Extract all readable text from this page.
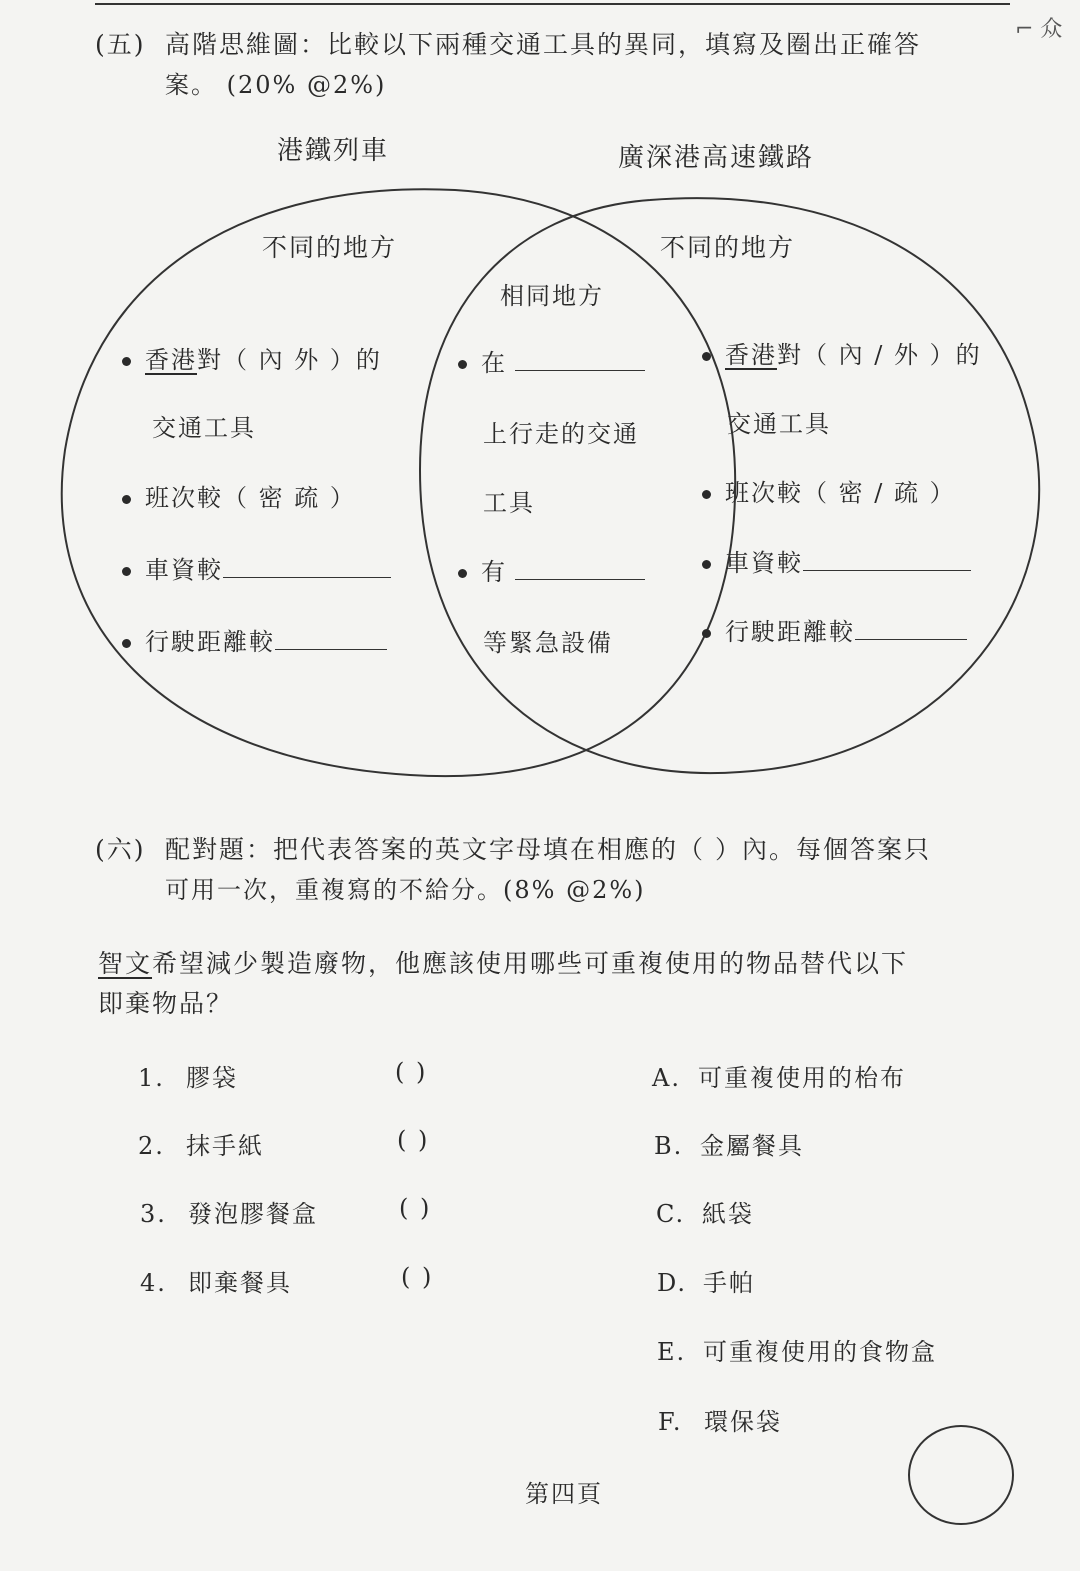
(五) 高階思維圖：比較以下兩種交通工具的異同，填寫及圈出正確答
案。 (20% @2%)
⌐ 众
港鐵列車	廣深港高速鐵路
不同的地方	不同的地方
相同地方
香港對（ 內 外 ）的
交通工具
班次較（ 密 疏 ）
車資較
行駛距離較
在
上行走的交通
工具
有
等緊急設備
香港對（ 內 / 外 ）的
交通工具
班次較（ 密 / 疏 ）
車資較
行駛距離較
(六) 配對題：把代表答案的英文字母填在相應的（ ）內。每個答案只
可用一次，重複寫的不給分。(8% @2%)
智文希望減少製造廢物，他應該使用哪些可重複使用的物品替代以下
即棄物品？
1. 膠袋	( )
2. 抹手紙	( )
3. 發泡膠餐盒	( )
4. 即棄餐具	( )
A. 可重複使用的枱布
B. 金屬餐具
C. 紙袋
D. 手帕
E. 可重複使用的食物盒
F. 環保袋
第四頁
